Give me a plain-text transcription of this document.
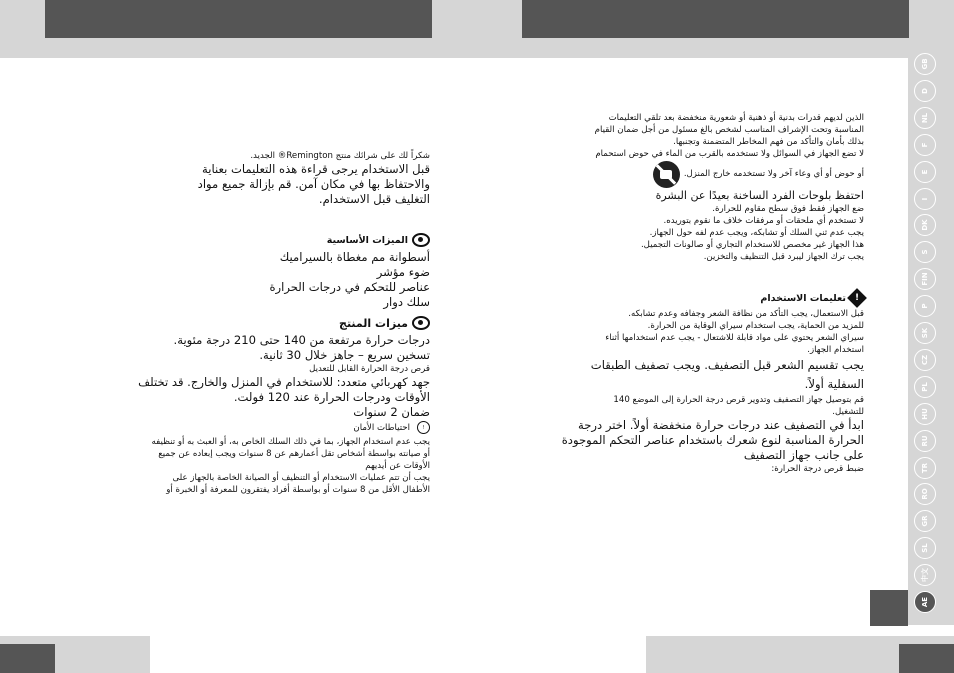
شكراً لك على شرائك منتج Remington® الجديد.
قبل الاستخدام يرجى قراءة هذه التعليمات بعناية
والاحتفاظ بها في مكان آمن. قم بإزالة جميع مواد
التغليف قبل الاستخدام.
الميزات الأساسية
أسطوانة مم مغطاة بالسيراميك
ضوء مؤشر
عناصر للتحكم في درجات الحرارة
سلك دوار
ميزات المنتج
درجات حرارة مرتفعة من 140 حتى 210 درجة مئوية.
تسخين سريع – جاهز خلال 30 ثانية.
قرص درجة الحرارة القابل للتعديل
جهد كهربائي متعدد: للاستخدام في المنزل والخارج. قد تختلف
الأوقات ودرجات الحرارة عند 120 فولت.
ضمان 2 سنوات
!
احتياطات الأمان
يجب عدم استخدام الجهاز، بما في ذلك السلك الخاص به، أو العبث به أو تنظيفه
أو صيانته بواسطة أشخاص تقل أعمارهم عن 8 سنوات ويجب إبعاده عن جميع
الأوقات عن أيديهم
يجب أن تتم عمليات الاستخدام أو التنظيف أو الصيانة الخاصة بالجهاز على
الأطفال الأقل من 8 سنوات أو بواسطة أفراد يفتقرون للمعرفة أو الخبرة أو
الذين لديهم قدرات بدنية أو ذهنية أو شعورية منخفضة بعد تلقي التعليمات
المناسبة وتحت الإشراف المناسب لشخص بالغ مسئول من أجل ضمان القيام
بذلك بأمان والتأكد من فهم المخاطر المتضمنة وتجنبها.
لا تضع الجهاز في السوائل ولا تستخدمه بالقرب من الماء في حوض استحمام
أو حوض أو أي وعاء آخر ولا تستخدمه خارج المنزل.
احتفظ بلوحات الفرد الساخنة بعيدًا عن البشرة
ضع الجهاز فقط فوق سطح مقاوم للحرارة.
لا تستخدم أي ملحقات أو مرفقات خلاف ما نقوم بتوريده.
يجب عدم ثني السلك أو تشابكه، ويجب عدم لفه حول الجهاز.
هذا الجهاز غير مخصص للاستخدام التجاري أو صالونات التجميل.
يجب ترك الجهاز ليبرد قبل التنظيف والتخزين.
!
تعليمات الاستخدام
قبل الاستعمال، يجب التأكد من نظافة الشعر وجفافه وعدم تشابكه.
للمزيد من الحماية، يجب استخدام سيراي الوقاية من الحرارة.
سيراي الشعر يحتوي على مواد قابلة للاشتعال - يجب عدم استخدامها أثناء
استخدام الجهاز.
يجب تقسيم الشعر قبل التصفيف. ويجب تصفيف الطبقات
السفلية أولاً.
قم بتوصيل جهاز التصفيف وتدوير قرص درجة الحرارة إلى الموضع 140
للتشغيل.
ابدأ في التصفيف عند درجات حرارة منخفضة أولاً. اختر درجة
الحرارة المناسبة لنوع شعرك باستخدام عناصر التحكم الموجودة
على جانب جهاز التصفيف
ضبط قرص درجة الحرارة:
GB
D
NL
F
E
I
DK
S
FIN
P
SK
CZ
PL
HU
RU
TR
RO
GR
SL
中文
AE
